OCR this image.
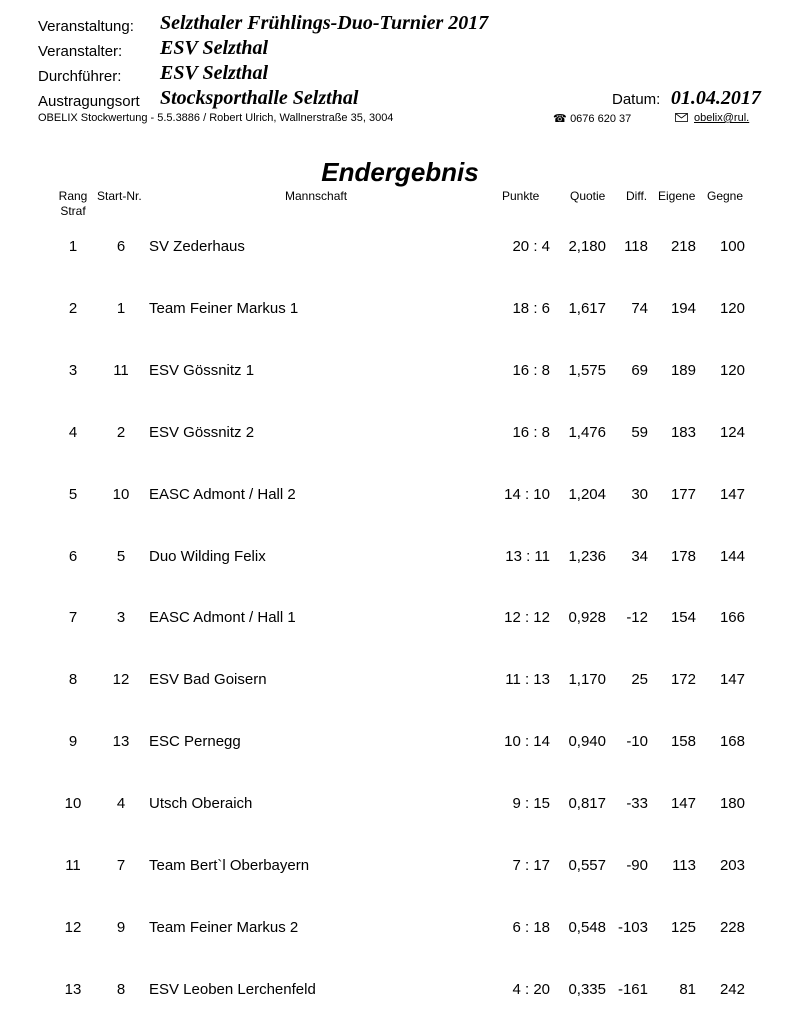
Veranstaltung: Selzthaler Frühlings-Duo-Turnier 2017
Veranstalter: ESV Selzthal
Durchführer: ESV Selzthal
Austragungsort Stocksporthalle Selzthal	Datum: 01.04.2017
OBELIX Stockwertung - 5.5.3886 / Robert Ulrich, Wallnerstraße 35, 3004	☎ 0676 620 37	obelix@rul.
Endergebnis
Rang
Straf
Start-Nr.	Mannschaft	Punkte	Quotie Diff. Eigene Gegne
1	6	SV Zederhaus	20 : 4	2,180	118	218	100
2	1	Team Feiner Markus 1	18 : 6	1,617	74	194	120
3	11	ESV Gössnitz 1	16 : 8	1,575	69	189	120
4	2	ESV Gössnitz 2	16 : 8	1,476	59	183	124
5	10	EASC Admont / Hall 2	14 : 10	1,204	30	177	147
6	5	Duo Wilding Felix	13 : 11	1,236	34	178	144
7	3	EASC Admont / Hall 1	12 : 12	0,928	-12	154	166
8	12	ESV Bad Goisern	11 : 13	1,170	25	172	147
9	13	ESC Pernegg	10 : 14	0,940	-10	158	168
10	4	Utsch Oberaich	9 : 15	0,817	-33	147	180
11	7	Team Bert`l Oberbayern	7 : 17	0,557	-90	113	203
12	9	Team Feiner Markus 2	6 : 18	0,548 -103	125	228
13	8	ESV Leoben Lerchenfeld	4 : 20	0,335 -161	81	242
